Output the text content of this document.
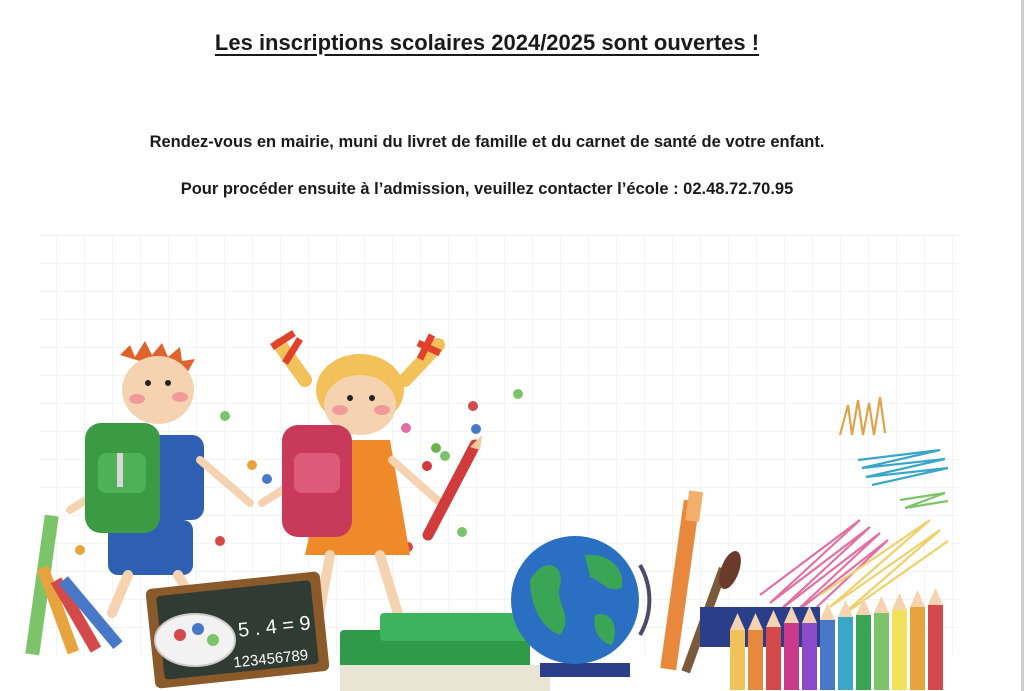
Les inscriptions scolaires 2024/2025 sont ouvertes !
Rendez-vous en mairie, muni du livret de famille et du carnet de santé de votre enfant.
Pour procéder ensuite à l’admission, veuillez contacter l’école : 02.48.72.70.95
5 . 4 = 9
123456789
